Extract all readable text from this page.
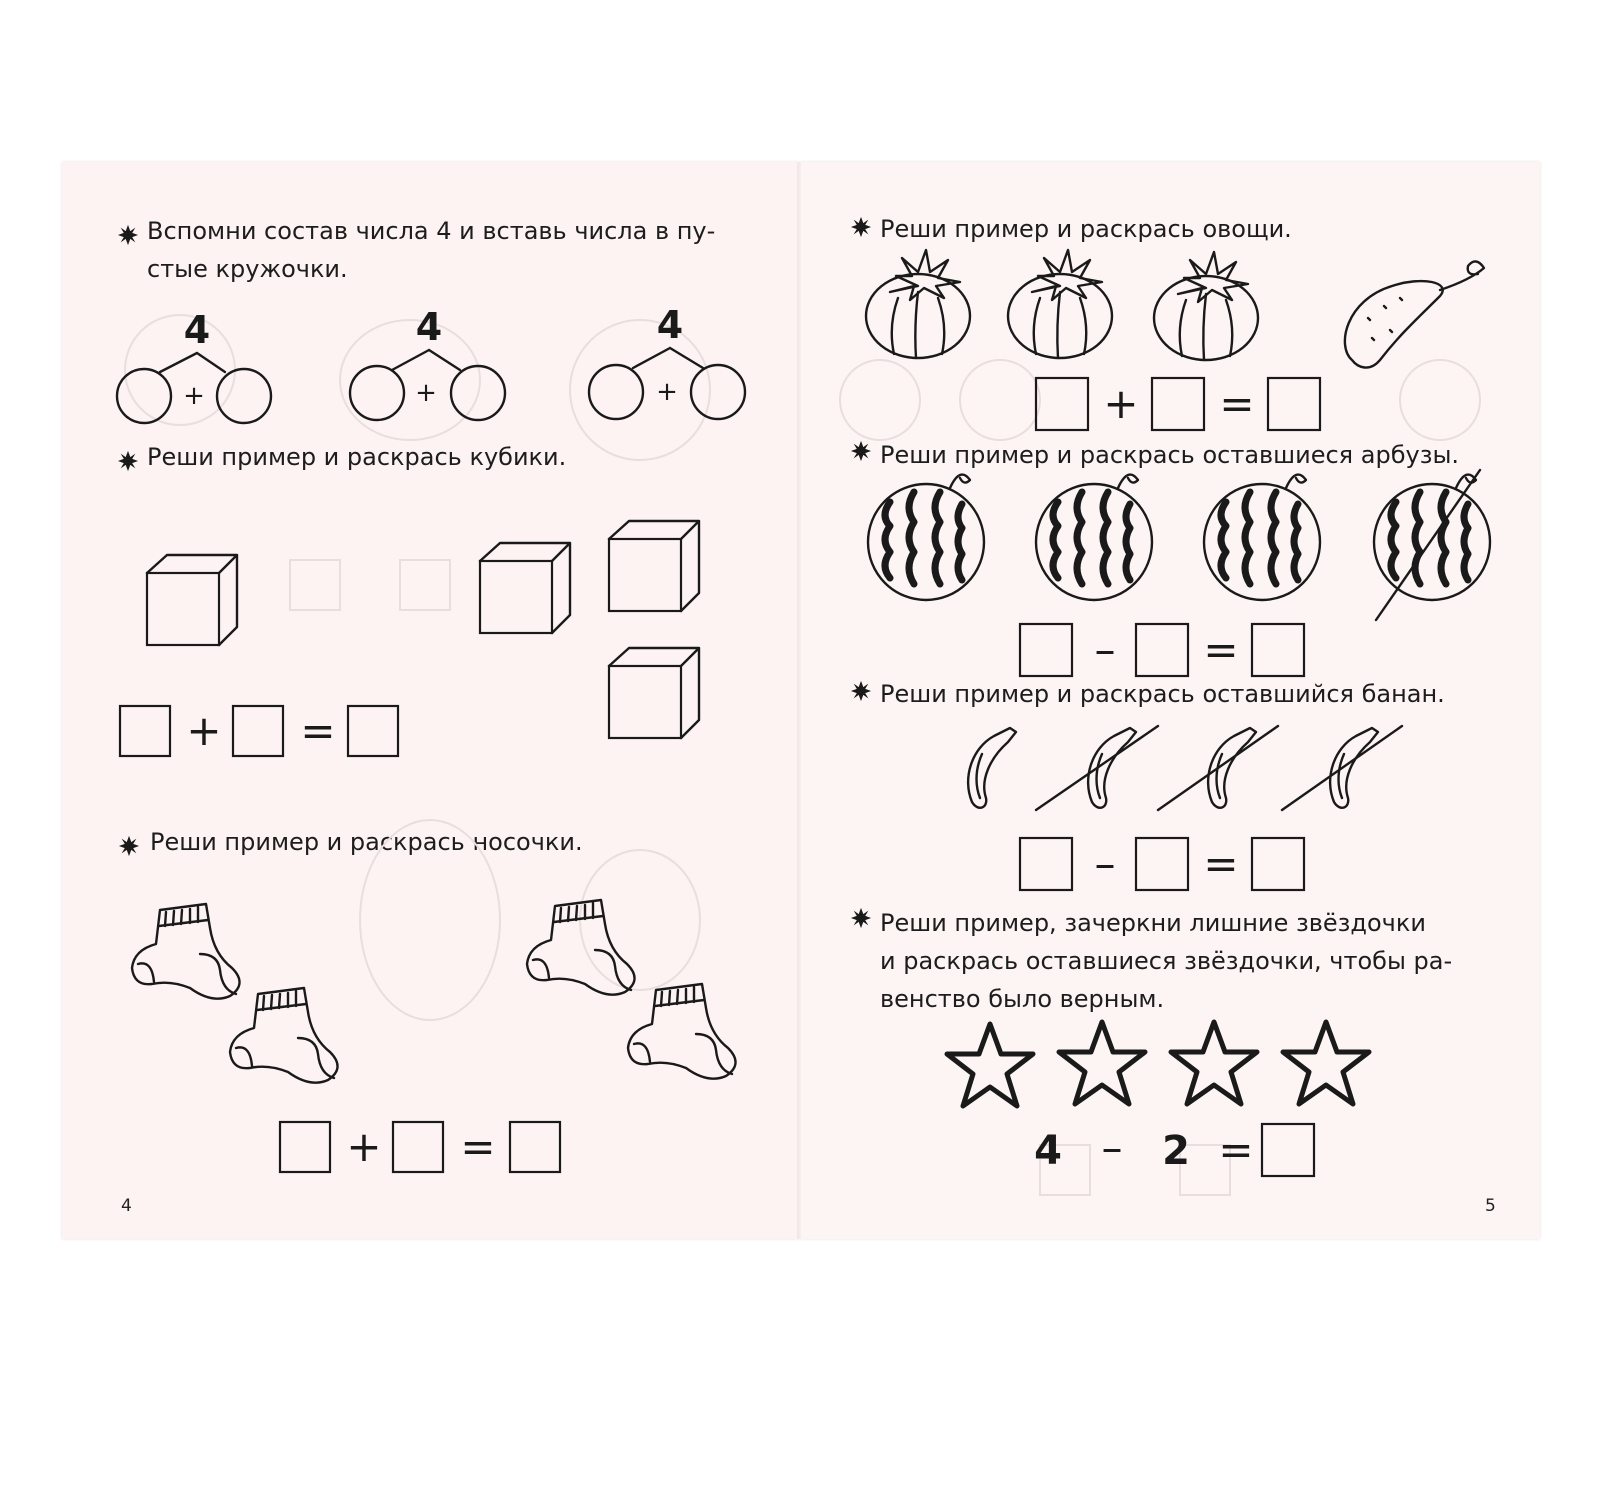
Вспомни состав числа 4 и вставь числа в пу-
стые кружочки.
Реши пример и раскрась кубики.
Реши пример и раскрась носочки.
4
Реши пример и раскрась овощи.
Реши пример и раскрась оставшиеся арбузы.
Реши пример и раскрась оставшийся банан.
Реши пример, зачеркни лишние звёздочки
и раскрась оставшиеся звёздочки, чтобы ра-
венство было верным.
5
4
+
4
+
4
+
+ =
+ =
+ =
– =
– =
4 – 2 =
